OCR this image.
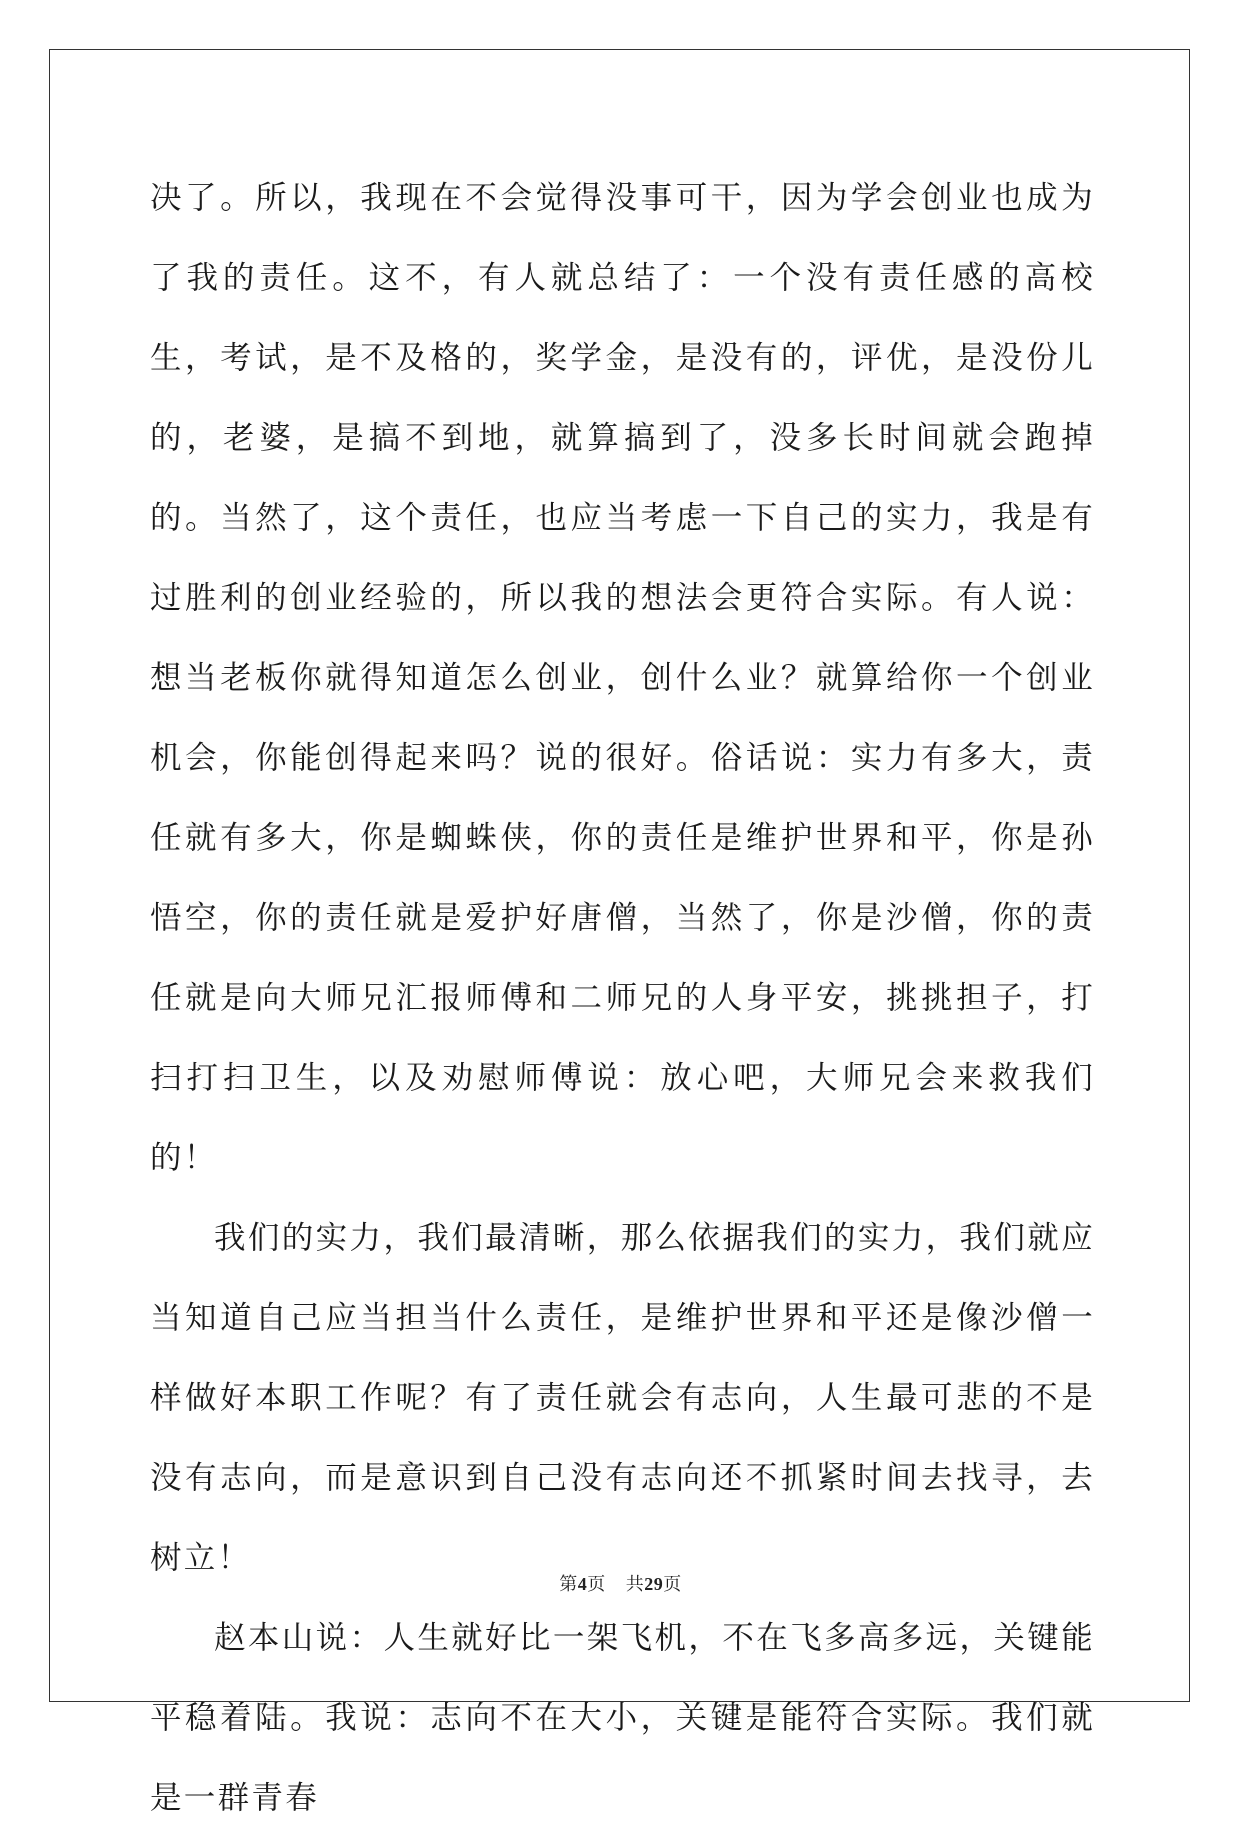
决了。所以，我现在不会觉得没事可干，因为学会创业也成为了我的责任。这不，有人就总结了：一个没有责任感的高校生，考试，是不及格的，奖学金，是没有的，评优，是没份儿的，老婆，是搞不到地，就算搞到了，没多长时间就会跑掉的。当然了，这个责任，也应当考虑一下自己的实力，我是有过胜利的创业经验的，所以我的想法会更符合实际。有人说：想当老板你就得知道怎么创业，创什么业？就算给你一个创业机会，你能创得起来吗？说的很好。俗话说：实力有多大，责任就有多大，你是蜘蛛侠，你的责任是维护世界和平，你是孙悟空，你的责任就是爱护好唐僧，当然了，你是沙僧，你的责任就是向大师兄汇报师傅和二师兄的人身平安，挑挑担子，打扫打扫卫生，以及劝慰师傅说：放心吧，大师兄会来救我们的！

我们的实力，我们最清晰，那么依据我们的实力，我们就应当知道自己应当担当什么责任，是维护世界和平还是像沙僧一样做好本职工作呢？有了责任就会有志向，人生最可悲的不是没有志向，而是意识到自己没有志向还不抓紧时间去找寻，去树立！

赵本山说：人生就好比一架飞机，不在飞多高多远，关键能平稳着陆。我说：志向不在大小，关键是能符合实际。我们就是一群青春

第4页 共29页
